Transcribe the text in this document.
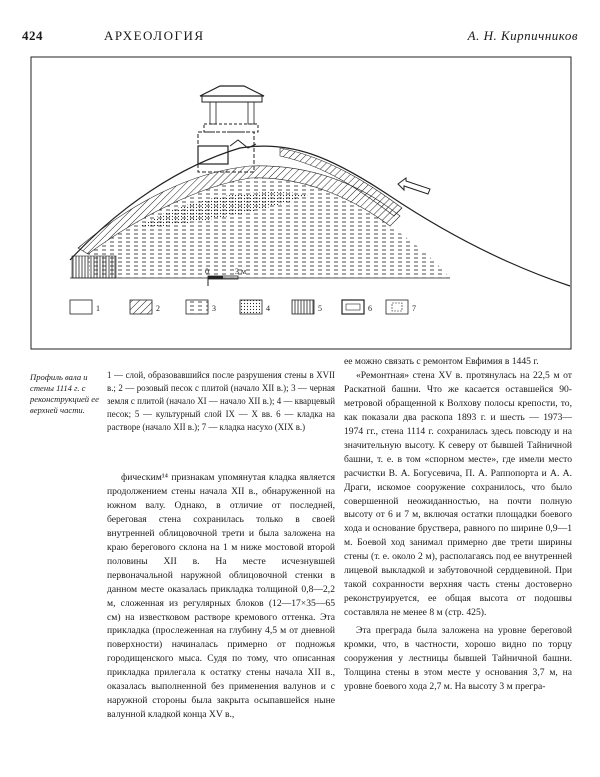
424	АРХЕОЛОГИЯ	А. Н. Кирпичников
0	3 м
1	2	3	4	5	6	7
Профиль вала и стены 1114 г. с реконструкцией ее верхней части.
1 — слой, образовавшийся после разрушения стены в XVII в.; 2 — розовый песок с плитой (начало XII в.); 3 — черная земля с плитой (начало XI — начало XII в.); 4 — кварцевый песок; 5 — культурный слой IX — X вв. 6 — кладка на растворе (начало XII в.); 7 — кладка насухо (XIX в.)

фическим¹⁴ признакам упомянутая кладка является продолжением стены начала XII в., обнаруженной на южном валу. Однако, в отличие от последней, береговая стена сохранилась только в своей внутренней облицовочной трети и была заложена на краю берегового склона на 1 м ниже мостовой второй половины XII в. На месте исчезнувшей первоначальной наружной облицовочной стенки в данном месте оказалась прикладка толщиной 0,8—2,2 м, сложенная из регулярных блоков (12—17×35—65 см) на известковом растворе кремового оттенка. Эта прикладка (прослеженная на глубину 4,5 м от дневной поверхности) начиналась примерно от подножья городищенского мыса. Судя по тому, что описанная прикладка прилегала к остатку стены начала XII в., оказалась выполненной без применения валунов и с наружной стороны была закрыта осыпавшейся ныне валунной кладкой конца XV в.,

ее можно связать с ремонтом Евфимия в 1445 г.

«Ремонтная» стена XV в. протянулась на 22,5 м от Раскатной башни. Что же касается оставшейся 90-метровой обращенной к Волхову полосы крепости, то, как показали два раскопа 1893 г. и шесть — 1973—1974 гг., стена 1114 г. сохранилась здесь повсюду и на значительную высоту. К северу от бывшей Тайничной башни, т. е. в том «спорном месте», где имели место расчистки В. А. Богусевича, П. А. Раппопорта и А. А. Драги, искомое сооружение сохранилось, что было совершенной неожиданностью, на почти полную высоту от 6 и 7 м, включая остатки площадки боевого хода и основание бруствера, равного по ширине 0,9—1 м. Боевой ход занимал примерно две трети ширины стены (т. е. около 2 м), располагаясь под ее внутренней лицевой выкладкой и забутовочной сердцевиной. При такой сохранности верхняя часть стены достоверно реконструируется, ее общая высота от подошвы составляла не менее 8 м (стр. 425).

Эта преграда была заложена на уровне береговой кромки, что, в частности, хорошо видно по торцу сооружения у лестницы бывшей Тайничной башни. Толщина стены в этом месте у основания 3,7 м, на уровне боевого хода 2,7 м. На высоту 3 м прегра-
